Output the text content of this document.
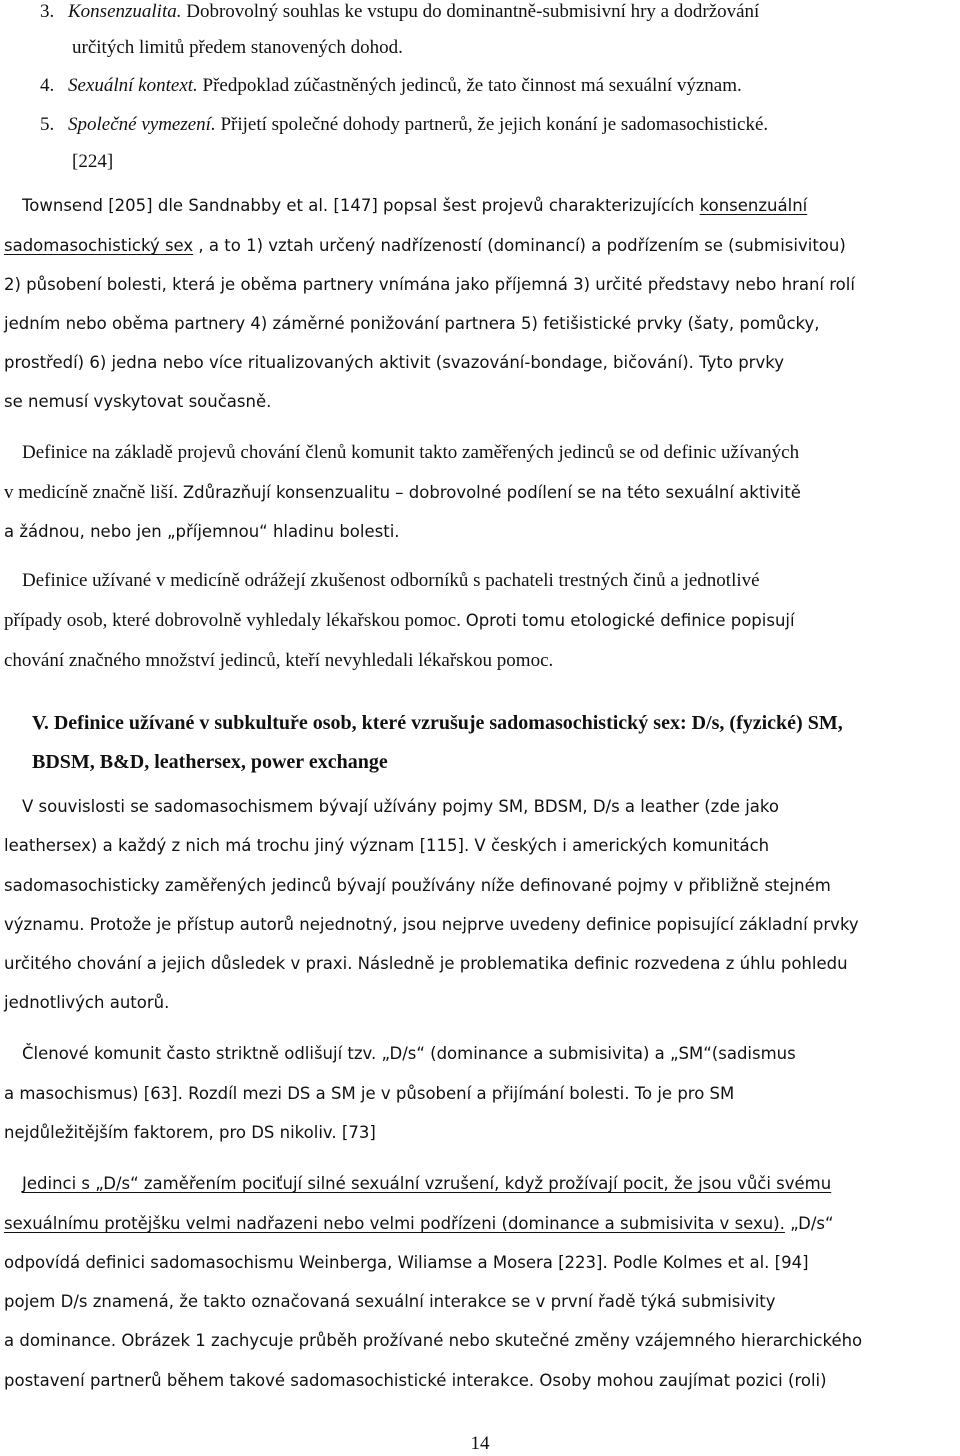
3. Konsenzualita. Dobrovolný souhlas ke vstupu do dominantně-submisivní hry a dodržování
určitých limitů předem stanovených dohod.
4. Sexuální kontext. Předpoklad zúčastněných jedinců, že tato činnost má sexuální význam.
5. Společné vymezení. Přijetí společné dohody partnerů, že jejich konání je sadomasochistické.
[224]
Townsend [205] dle Sandnabby et al. [147] popsal šest projevů charakterizujících konsenzuální
sadomasochistický sex , a to 1) vztah určený nadřízeností (dominancí) a podřízením se (submisivitou)
2) působení bolesti, která je oběma partnery vnímána jako příjemná 3) určité představy nebo hraní rolí
jedním nebo oběma partnery 4) záměrné ponižování partnera 5) fetišistické prvky (šaty, pomůcky,
prostředí) 6) jedna nebo více ritualizovaných aktivit (svazování-bondage, bičování). Tyto prvky
se nemusí vyskytovat současně.
Definice na základě projevů chování členů komunit takto zaměřených jedinců se od definic užívaných
v medicíně značně liší. Zdůrazňují konsenzualitu – dobrovolné podílení se na této sexuální aktivitě
a žádnou, nebo jen „příjemnou“ hladinu bolesti.
Definice užívané v medicíně odrážejí zkušenost odborníků s pachateli trestných činů a jednotlivé
případy osob, které dobrovolně vyhledaly lékařskou pomoc. Oproti tomu etologické definice popisují
chování značného množství jedinců, kteří nevyhledali lékařskou pomoc.
V. Definice užívané v subkultuře osob, které vzrušuje sadomasochistický sex: D/s, (fyzické) SM,
BDSM, B&D, leathersex, power exchange
V souvislosti se sadomasochismem bývají užívány pojmy SM, BDSM, D/s a leather (zde jako
leathersex) a každý z nich má trochu jiný význam [115]. V českých i amerických komunitách
sadomasochisticky zaměřených jedinců bývají používány níže definované pojmy v přibližně stejném
významu. Protože je přístup autorů nejednotný, jsou nejprve uvedeny definice popisující základní prvky
určitého chování a jejich důsledek v praxi. Následně je problematika definic rozvedena z úhlu pohledu
jednotlivých autorů.
Členové komunit často striktně odlišují tzv. „D/s“ (dominance a submisivita) a „SM“(sadismus
a masochismus) [63]. Rozdíl mezi DS a SM je v působení a přijímání bolesti. To je pro SM
nejdůležitějším faktorem, pro DS nikoliv. [73]
Jedinci s „D/s“ zaměřením pociťují silné sexuální vzrušení, když prožívají pocit, že jsou vůči svému
sexuálnímu protějšku velmi nadřazeni nebo velmi podřízeni (dominance a submisivita v sexu). „D/s“
odpovídá definici sadomasochismu Weinberga, Wiliamse a Mosera [223]. Podle Kolmes et al. [94]
pojem D/s znamená, že takto označovaná sexuální interakce se v první řadě týká submisivity
a dominance. Obrázek 1 zachycuje průběh prožívané nebo skutečné změny vzájemného hierarchického
postavení partnerů během takové sadomasochistické interakce. Osoby mohou zaujímat pozici (roli)
14
